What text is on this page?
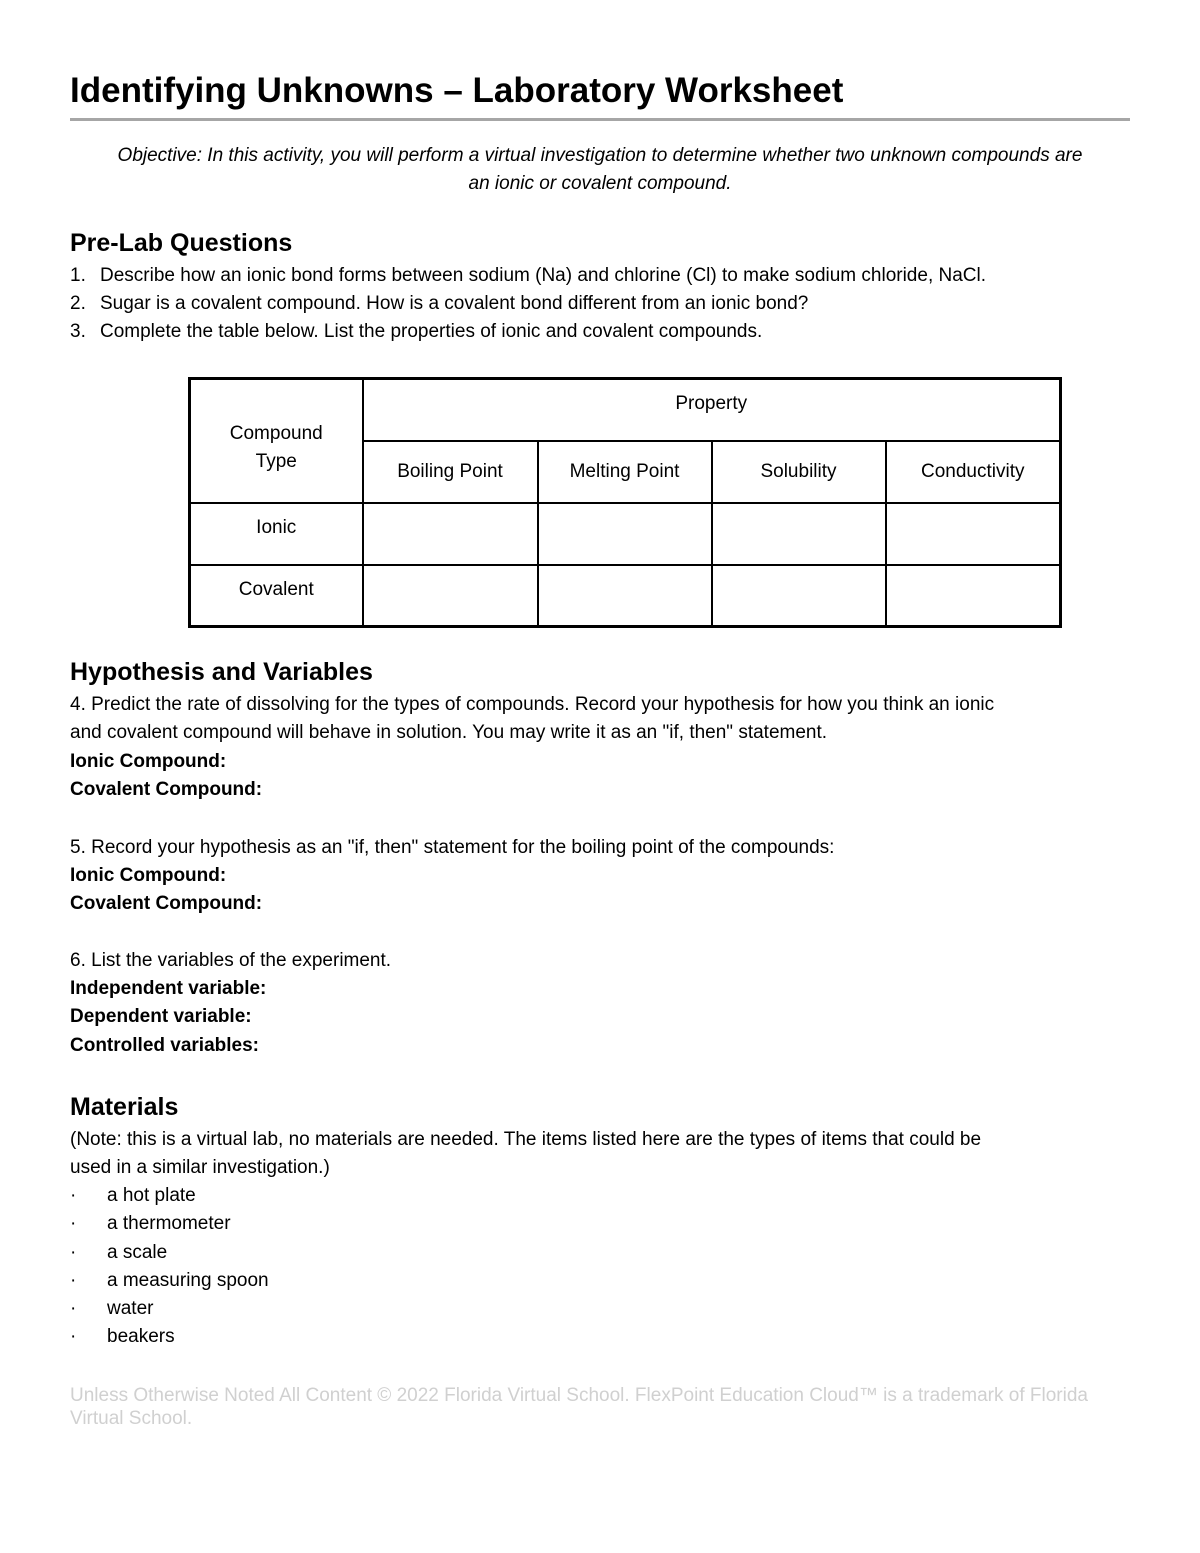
Identifying Unknowns – Laboratory Worksheet
Objective: In this activity, you will perform a virtual investigation to determine whether two unknown compounds are an ionic or covalent compound.
Pre-Lab Questions
1. Describe how an ionic bond forms between sodium (Na) and chlorine (Cl) to make sodium chloride, NaCl.
2. Sugar is a covalent compound. How is a covalent bond different from an ionic bond?
3. Complete the table below. List the properties of ionic and covalent compounds.
Compound Type	Property			
	Boiling Point	Melting Point	Solubility	Conductivity
Ionic				
Covalent				
Hypothesis and Variables
4. Predict the rate of dissolving for the types of compounds. Record your hypothesis for how you think an ionic
and covalent compound will behave in solution. You may write it as an "if, then" statement.
Ionic Compound:
Covalent Compound:
5. Record your hypothesis as an "if, then" statement for the boiling point of the compounds:
Ionic Compound:
Covalent Compound:
6. List the variables of the experiment.
Independent variable:
Dependent variable:
Controlled variables:
Materials
(Note: this is a virtual lab, no materials are needed. The items listed here are the types of items that could be
used in a similar investigation.)
· a hot plate
· a thermometer
· a scale
· a measuring spoon
· water
· beakers
Unless Otherwise Noted All Content © 2022 Florida Virtual School. FlexPoint Education Cloud™ is a trademark of Florida Virtual School.
